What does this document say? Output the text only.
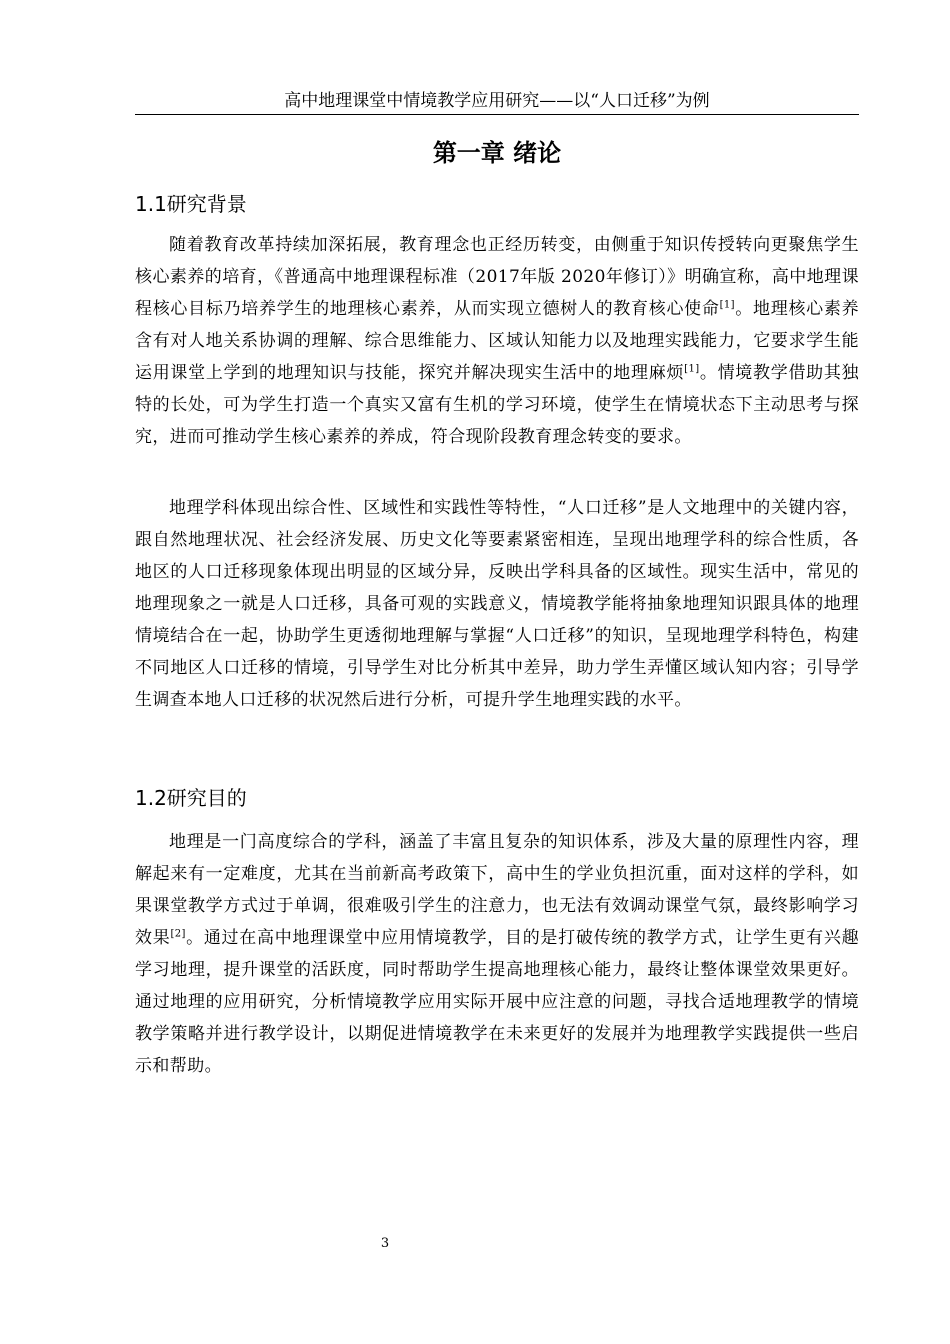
高中地理课堂中情境教学应用研究——以“人口迁移”为例
第一章 绪论
1.1研究背景

随着教育改革持续加深拓展，教育理念也正经历转变，由侧重于知识传授转向更聚焦学生核心素养的培育，《普通高中地理课程标准（2017年版 2020年修订）》明确宣称，高中地理课程核心目标乃培养学生的地理核心素养，从而实现立德树人的教育核心使命[1]。地理核心素养含有对人地关系协调的理解、综合思维能力、区域认知能力以及地理实践能力，它要求学生能运用课堂上学到的地理知识与技能，探究并解决现实生活中的地理麻烦[1]。情境教学借助其独特的长处，可为学生打造一个真实又富有生机的学习环境，使学生在情境状态下主动思考与探究，进而可推动学生核心素养的养成，符合现阶段教育理念转变的要求。

地理学科体现出综合性、区域性和实践性等特性，“人口迁移”是人文地理中的关键内容，跟自然地理状况、社会经济发展、历史文化等要素紧密相连，呈现出地理学科的综合性质，各地区的人口迁移现象体现出明显的区域分异，反映出学科具备的区域性。现实生活中，常见的地理现象之一就是人口迁移，具备可观的实践意义，情境教学能将抽象地理知识跟具体的地理情境结合在一起，协助学生更透彻地理解与掌握“人口迁移”的知识，呈现地理学科特色，构建不同地区人口迁移的情境，引导学生对比分析其中差异，助力学生弄懂区域认知内容；引导学生调查本地人口迁移的状况然后进行分析，可提升学生地理实践的水平。

1.2研究目的

地理是一门高度综合的学科，涵盖了丰富且复杂的知识体系，涉及大量的原理性内容，理解起来有一定难度，尤其在当前新高考政策下，高中生的学业负担沉重，面对这样的学科，如果课堂教学方式过于单调，很难吸引学生的注意力，也无法有效调动课堂气氛，最终影响学习效果[2]。通过在高中地理课堂中应用情境教学，目的是打破传统的教学方式，让学生更有兴趣学习地理，提升课堂的活跃度，同时帮助学生提高地理核心能力，最终让整体课堂效果更好。通过地理的应用研究，分析情境教学应用实际开展中应注意的问题，寻找合适地理教学的情境教学策略并进行教学设计，以期促进情境教学在未来更好的发展并为地理教学实践提供一些启示和帮助。

3
